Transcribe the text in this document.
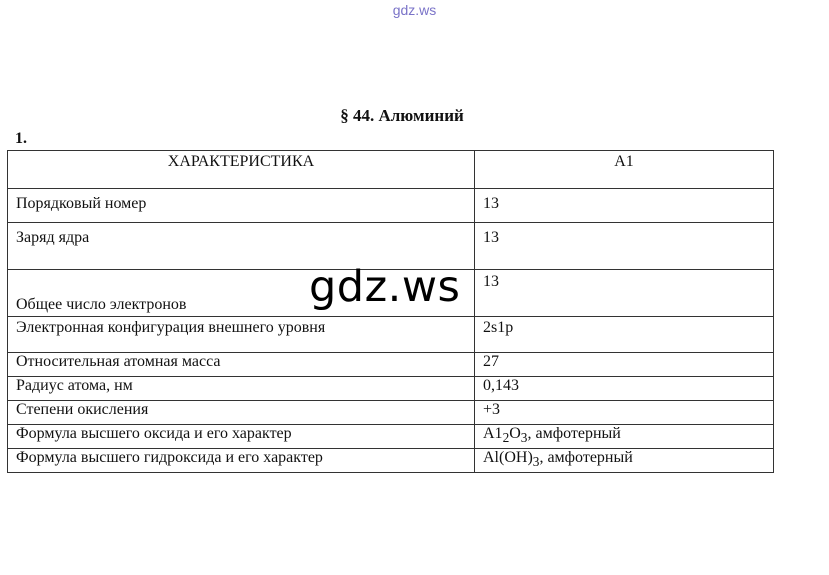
gdz.ws
§ 44. Алюминий
1.
ХАРАКТЕРИСТИКА	А1
Порядковый номер	13
Заряд ядра	13
Общее число электронов	13
Электронная конфигурация внешнего уровня	2s1p
Относительная атомная масса	27
Радиус атома, нм	0,143
Степени окисления	+3
Формула высшего оксида и его характер	$А1_2О_3$, амфотерный
Формула высшего гидроксида и его характер	$Al(OH)_3$, амфотерный
gdz.ws
